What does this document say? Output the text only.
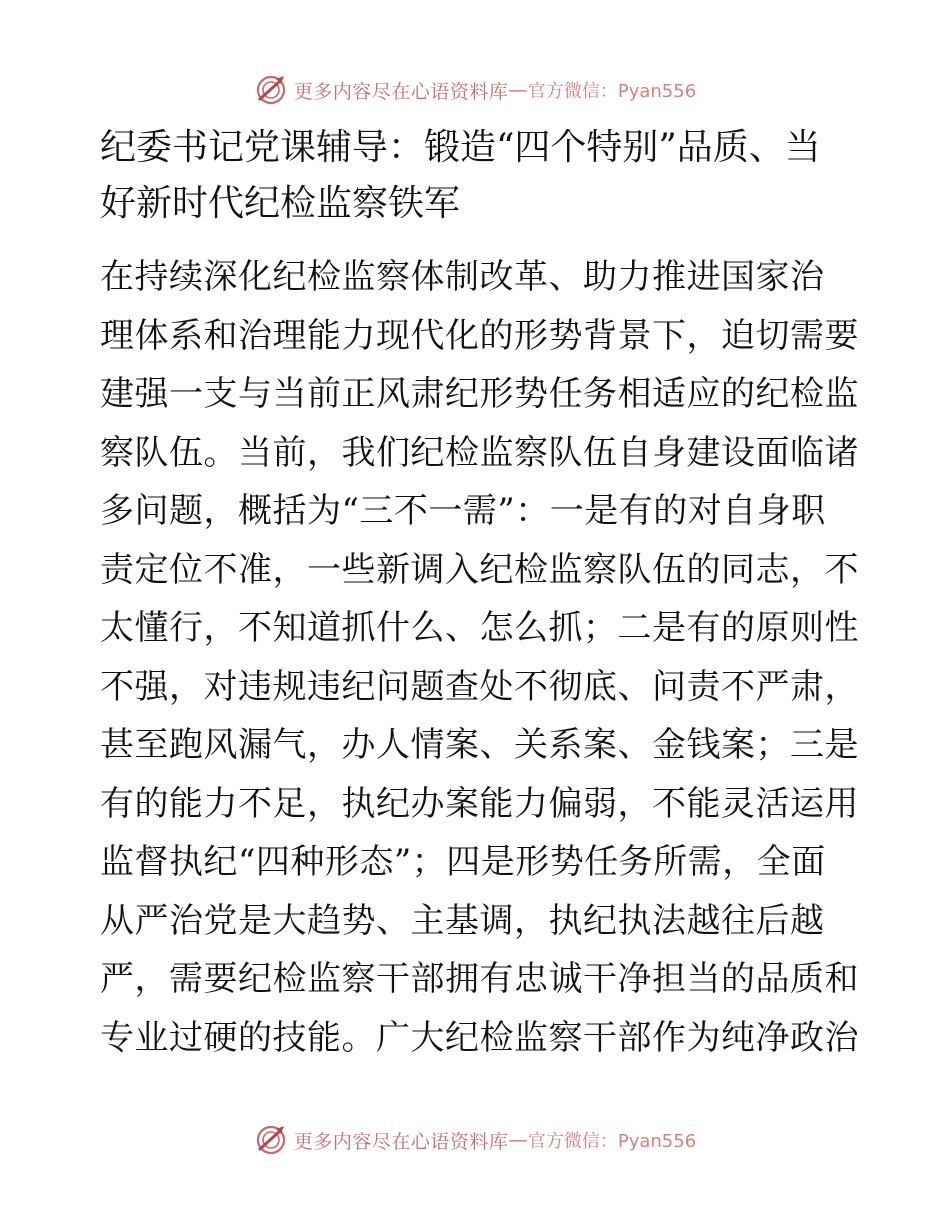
更多内容尽在心语资料库 — 官方微信：Pyan556
纪委书记党课辅导：锻造“四个特别”品质、当
好新时代纪检监察铁军
在持续深化纪检监察体制改革、助力推进国家治
理体系和治理能力现代化的形势背景下，迫切需要
建强一支与当前正风肃纪形势任务相适应的纪检监
察队伍。当前，我们纪检监察队伍自身建设面临诸
多问题，概括为“三不一需”：一是有的对自身职
责定位不准，一些新调入纪检监察队伍的同志，不
太懂行，不知道抓什么、怎么抓；二是有的原则性
不强，对违规违纪问题查处不彻底、问责不严肃，
甚至跑风漏气，办人情案、关系案、金钱案；三是
有的能力不足，执纪办案能力偏弱，不能灵活运用
监督执纪“四种形态”；四是形势任务所需，全面
从严治党是大趋势、主基调，执纪执法越往后越
严，需要纪检监察干部拥有忠诚干净担当的品质和
专业过硬的技能。广大纪检监察干部作为纯净政治
更多内容尽在心语资料库 — 官方微信：Pyan556
